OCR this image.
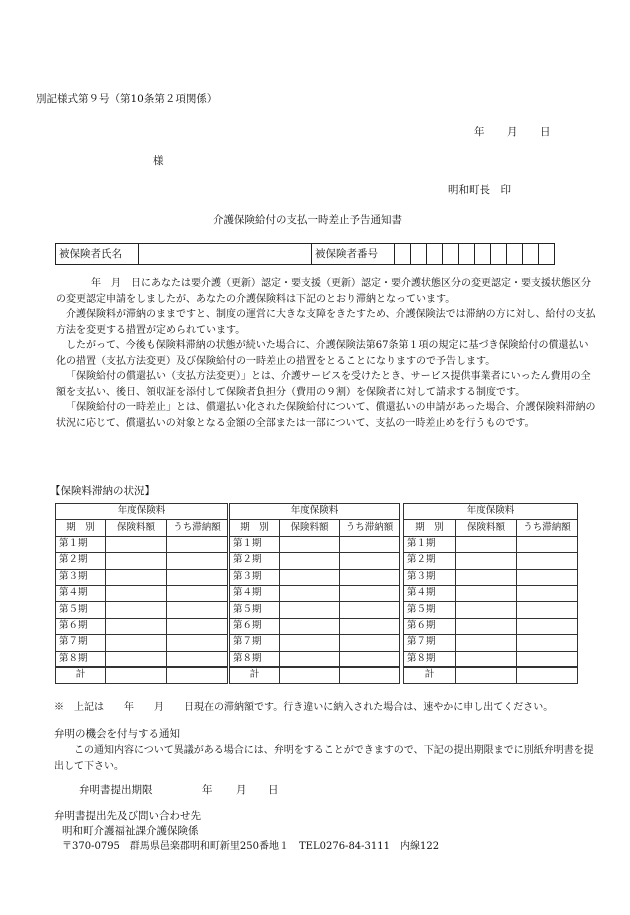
別記様式第９号（第10条第２項関係）
年 月 日
様
明和町長　印
介護保険給付の支払一時差止予告通知書
被保険者氏名		被保険者番号										

　年　月　日にあなたは要介護（更新）認定・要支援（更新）認定・要介護状態区分の変更認定・要支援状態区分の変更認定申請をしましたが、あなたの介護保険料は下記のとおり滞納となっています。

介護保険料が滞納のままですと、制度の運営に大きな支障をきたすため、介護保険法では滞納の方に対し、給付の支払方法を変更する措置が定められています。

したがって、今後も保険料滞納の状態が続いた場合に、介護保険法第67条第１項の規定に基づき保険給付の償還払い化の措置（支払方法変更）及び保険給付の一時差止の措置をとることになりますので予告します。

「保険給付の償還払い（支払方法変更）」とは、介護サービスを受けたとき、サービス提供事業者にいったん費用の全額を支払い、後日、領収証を添付して保険者負担分（費用の９割）を保険者に対して請求する制度です。

「保険給付の一時差止」とは、償還払い化された保険給付について、償還払いの申請があった場合、介護保険料滞納の状況に応じて、償還払いの対象となる金額の全部または一部について、支払の一時差止めを行うものです。

【保険料滞納の状況】
年度保険料		
期　別	保険料額	うち滞納額
第１期		
第２期		
第３期		
第４期		
第５期		
第６期		
第７期		
第８期		
計		
年度保険料		
期　別	保険料額	うち滞納額
第１期		
第２期		
第３期		
第４期		
第５期		
第６期		
第７期		
第８期		
計		
年度保険料		
期　別	保険料額	うち滞納額
第１期		
第２期		
第３期		
第４期		
第５期		
第６期		
第７期		
第８期		
計		
※　上記は　　年　　月　　日現在の滞納額です。行き違いに納入された場合は、速やかに申し出てください。
弁明の機会を付与する通知

この通知内容について異議がある場合には、弁明をすることができますので、下記の提出期限までに別紙弁明書を提出して下さい。

弁明書提出期限	年 月 日
弁明書提出先及び問い合わせ先
明和町介護福祉課介護保険係
〒370-0795　群馬県邑楽郡明和町新里250番地１　TEL0276-84-3111　内線122
